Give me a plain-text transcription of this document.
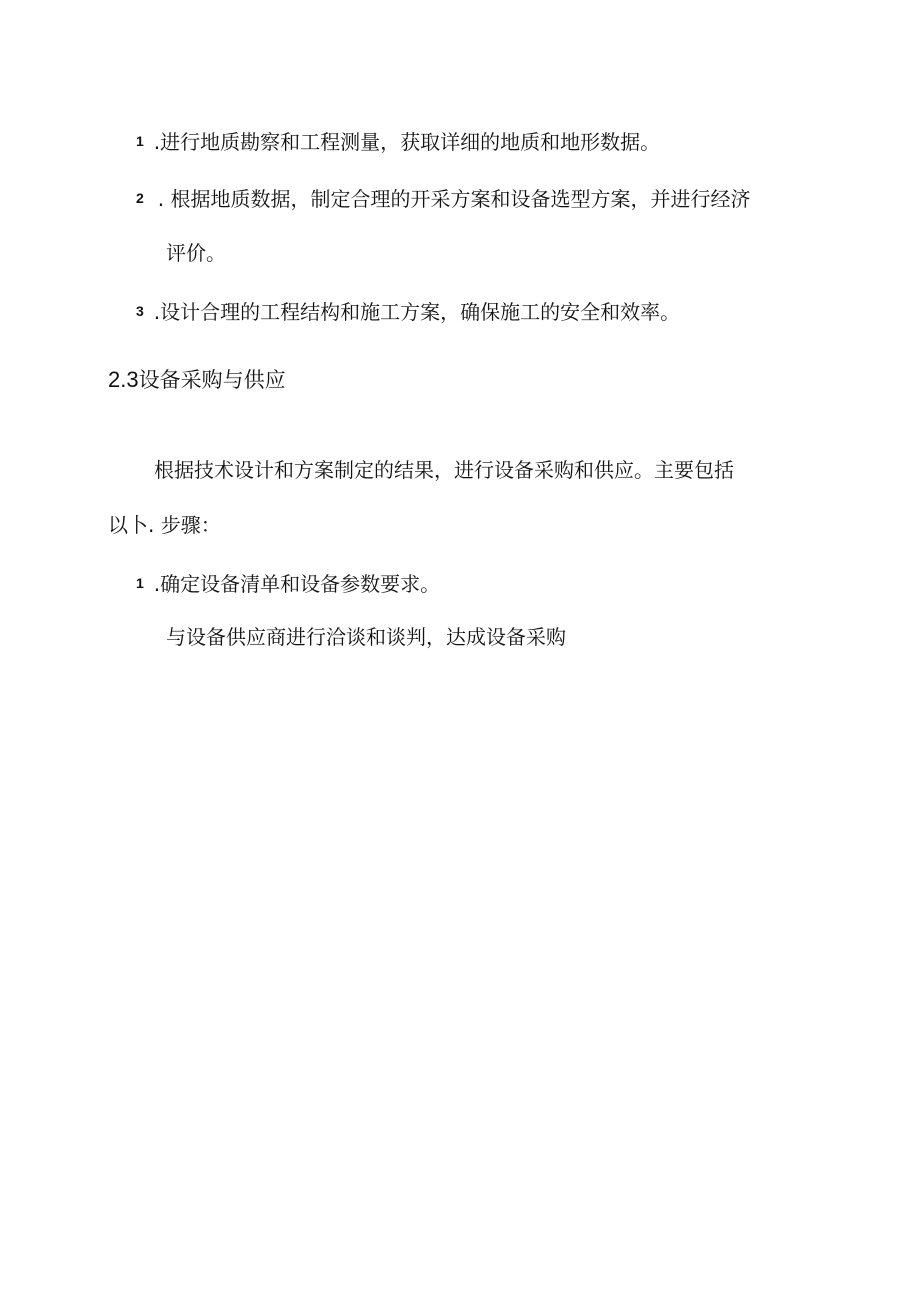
1 .进行地质勘察和工程测量，获取详细的地质和地形数据。
2 . 根据地质数据，制定合理的开采方案和设备选型方案，并进行经济
评价。
3 .设计合理的工程结构和施工方案，确保施工的安全和效率。
2.3设备采购与供应
根据技术设计和方案制定的结果，进行设备采购和供应。主要包括
以卜. 步骤：
1 .确定设备清单和设备参数要求。
与设备供应商进行洽谈和谈判，达成设备采购
